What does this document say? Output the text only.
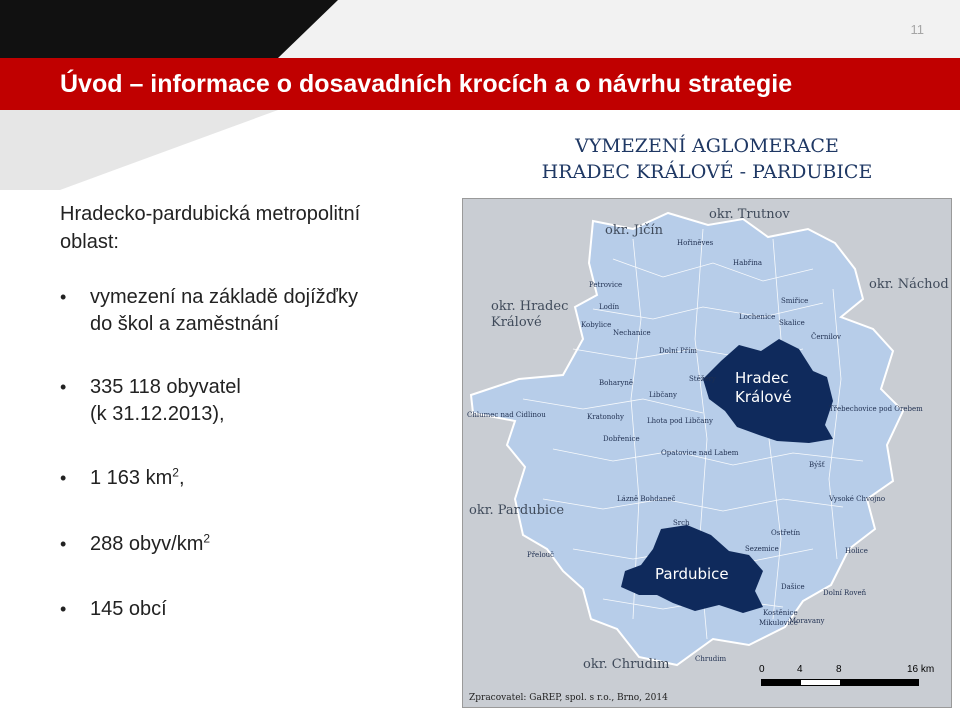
11
Úvod – informace o dosavadních krocích a o návrhu strategie
Hradecko-pardubická metropolitní
oblast:
• vymezení na základě dojížďky
do škol a zaměstnání
• 335 118 obyvatel
(k 31.12.2013),
• 1 163 $km^2$,
• 288 obyv/$km^2$
• 145 obcí
VYMEZENÍ AGLOMERACE
HRADEC KRÁLOVÉ - PARDUBICE
okr. Jičín
okr. Trutnov
okr. Náchod
okr. Hradec
Králové
okr. Pardubice
okr. Chrudim
Hradec
Králové
Pardubice
Hořiněves
Habřina
Petrovice
Lodín
Kobylice
Nechanice
Dolní Přím
Smiřice
Lochenice
Skalice
Černilov
Libčany
Boharyně
Kratonohy	Lhota pod Libčany
Opatovice nad Labem
Býšť
Lázně Bohdaneč
Přelouč
Srch
Ostřetín
Holice
Dolní Roveň
Sezemice
Mikulovice
Chrudim
Moravany
Třebechovice pod Orebem
Vysoké Chvojno
Kostěnice
Dašice
Stěžery
Dobřenice
Chlumec nad Cidlinou
Zpracovatel: GaREP, spol. s r.o., Brno, 2014
0	4	8	16 km
